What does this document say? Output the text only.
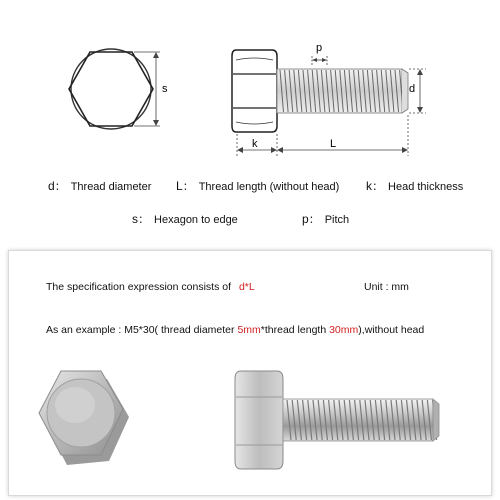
s	d
p
k	L
d： Thread diameter L： Thread length (without head) k： Head thickness
s： Hexagon to edge	p： Pitch
The specification expression consists of d*L	Unit : mm
As an example : M5*30( thread diameter 5mm*thread length 30mm),without head
